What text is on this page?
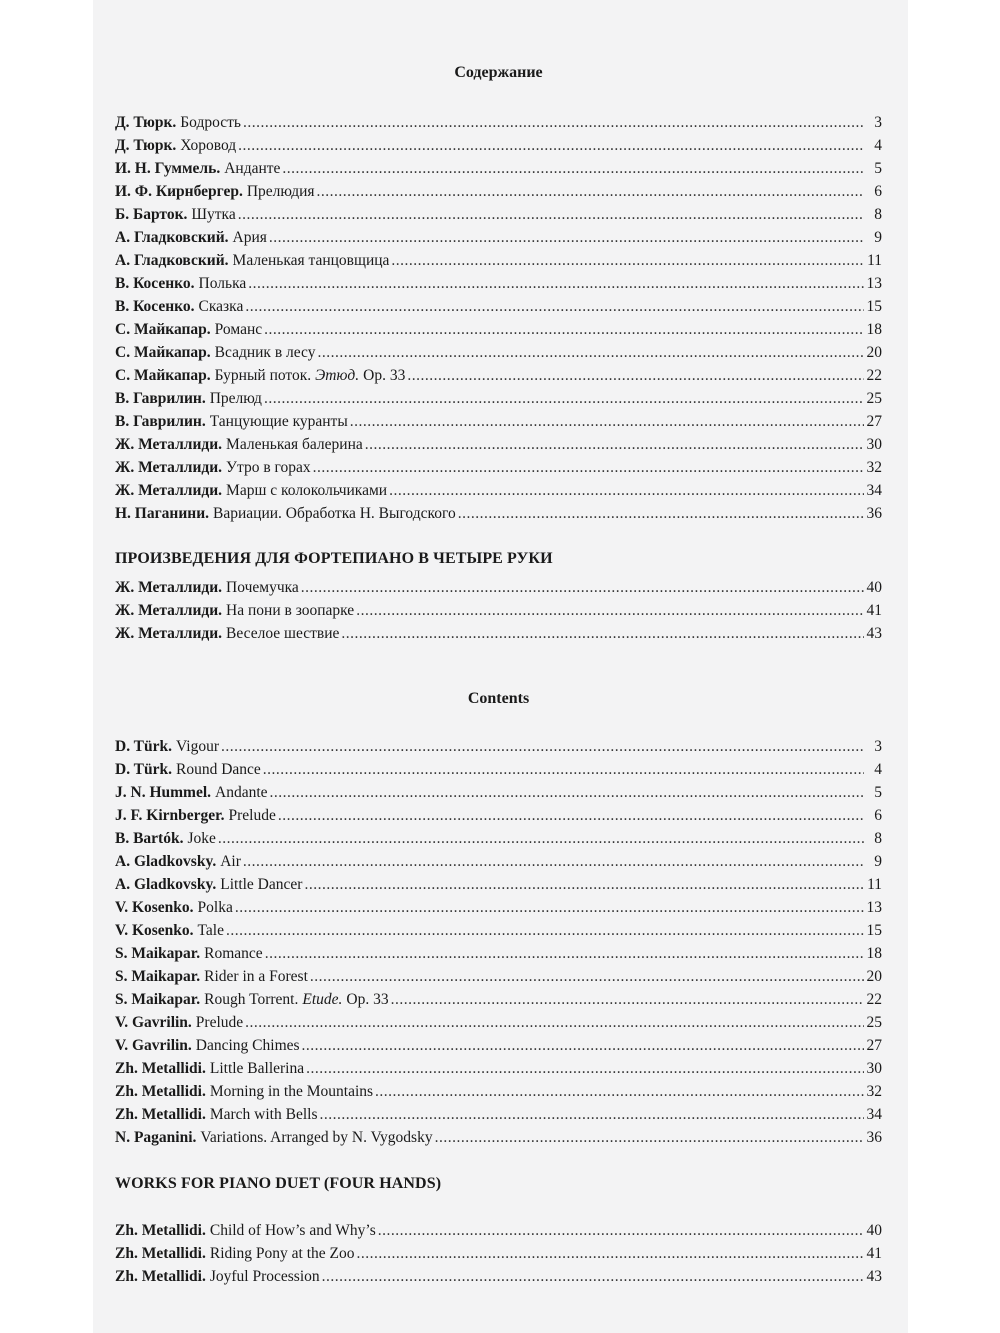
Содержание
Д. Тюрк. Бодрость .....	3
Д. Тюрк. Хоровод .....	4
И. Н. Гуммель. Анданте .....	5
И. Ф. Кирнбергер. Прелюдия .....	6
Б. Барток. Шутка .....	8
А. Гладковский. Ария .....	9
А. Гладковский. Маленькая танцовщица .....	11
В. Косенко. Полька .....	13
В. Косенко. Сказка .....	15
С. Майкапар. Романс .....	18
С. Майкапар. Всадник в лесу .....	20
С. Майкапар. Бурный поток. Этюд. Op. 33 .....	22
В. Гаврилин. Прелюд .....	25
В. Гаврилин. Танцующие куранты .....	27
Ж. Металлиди. Маленькая балерина .....	30
Ж. Металлиди. Утро в горах .....	32
Ж. Металлиди. Марш с колокольчиками .....	34
Н. Паганини. Вариации. Обработка Н. Выгодского .....	36
ПРОИЗВЕДЕНИЯ ДЛЯ ФОРТЕПИАНО В ЧЕТЫРЕ РУКИ
Ж. Металлиди. Почемучка .....	40
Ж. Металлиди. На пони в зоопарке .....	41
Ж. Металлиди. Веселое шествие .....	43
Contents
D. Türk. Vigour .....	3
D. Türk. Round Dance .....	4
J. N. Hummel. Andante .....	5
J. F. Kirnberger. Prelude .....	6
B. Bartók. Joke .....	8
A. Gladkovsky. Air .....	9
A. Gladkovsky. Little Dancer .....	11
V. Kosenko. Polka .....	13
V. Kosenko. Tale .....	15
S. Maikapar. Romance .....	18
S. Maikapar. Rider in a Forest .....	20
S. Maikapar. Rough Torrent. Etude. Op. 33 .....	22
V. Gavrilin. Prelude .....	25
V. Gavrilin. Dancing Chimes .....	27
Zh. Metallidi. Little Ballerina .....	30
Zh. Metallidi. Morning in the Mountains .....	32
Zh. Metallidi. March with Bells .....	34
N. Paganini. Variations. Arranged by N. Vygodsky .....	36
WORKS FOR PIANO DUET (FOUR HANDS)
Zh. Metallidi. Child of How’s and Why’s .....	40
Zh. Metallidi. Riding Pony at the Zoo .....	41
Zh. Metallidi. Joyful Procession .....	43
